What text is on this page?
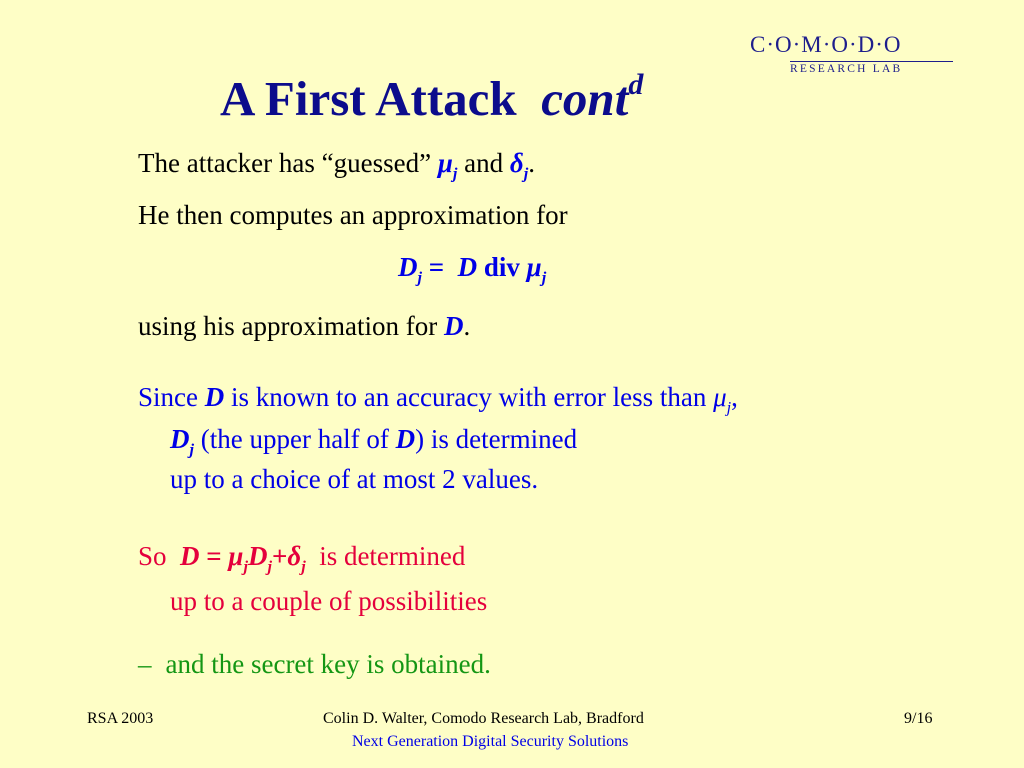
C·O·M·O·D·O
RESEARCH LAB
A First Attack cont$^d$
The attacker has “guessed” $\mu_j$ and $\delta_j$.
He then computes an approximation for
$D_j = D$ div $\mu_j$
using his approximation for D.
Since D is known to an accuracy with error less than $\mu_j$,
$D_j$ (the upper half of D) is determined
up to a choice of at most 2 values.
So $D = \mu_jD_j+\delta_j$ is determined
up to a couple of possibilities
– and the secret key is obtained.
RSA 2003	Colin D. Walter, Comodo Research Lab, Bradford
Next Generation Digital Security Solutions
9/16
